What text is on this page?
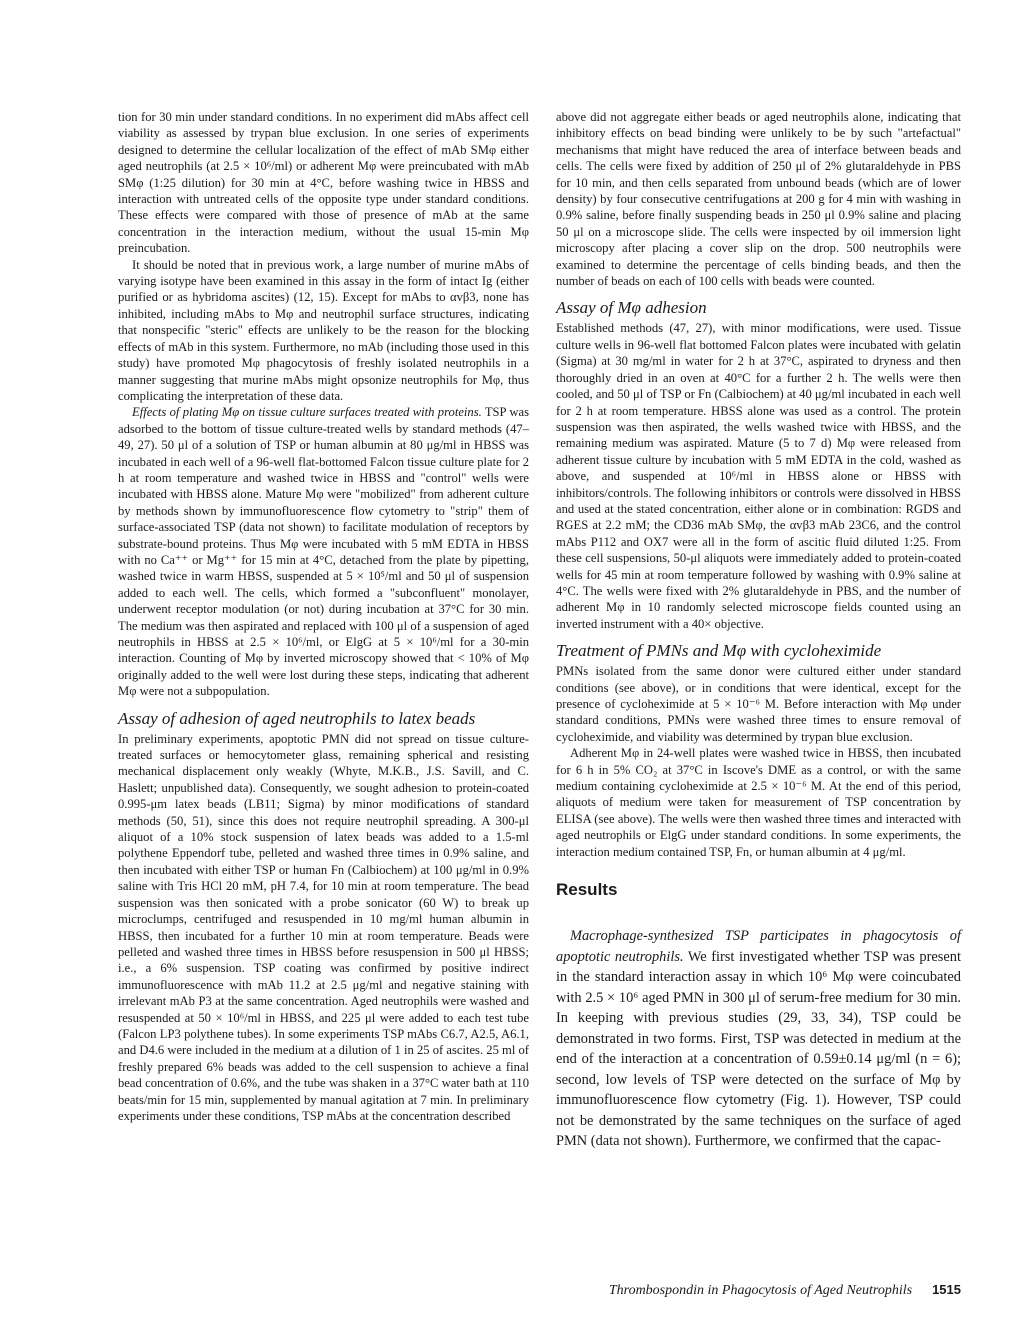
tion for 30 min under standard conditions. In no experiment did mAbs affect cell viability as assessed by trypan blue exclusion. In one series of experiments designed to determine the cellular localization of the effect of mAb SMφ either aged neutrophils (at 2.5 × 10⁶/ml) or adherent Mφ were preincubated with mAb SMφ (1:25 dilution) for 30 min at 4°C, before washing twice in HBSS and interaction with untreated cells of the opposite type under standard conditions. These effects were compared with those of presence of mAb at the same concentration in the interaction medium, without the usual 15-min Mφ preincubation.

It should be noted that in previous work, a large number of murine mAbs of varying isotype have been examined in this assay in the form of intact Ig (either purified or as hybridoma ascites) (12, 15). Except for mAbs to αvβ3, none has inhibited, including mAbs to Mφ and neutrophil surface structures, indicating that nonspecific "steric" effects are unlikely to be the reason for the blocking effects of mAb in this system. Furthermore, no mAb (including those used in this study) have promoted Mφ phagocytosis of freshly isolated neutrophils in a manner suggesting that murine mAbs might opsonize neutrophils for Mφ, thus complicating the interpretation of these data.

Effects of plating Mφ on tissue culture surfaces treated with proteins. TSP was adsorbed to the bottom of tissue culture-treated wells by standard methods (47–49, 27). 50 μl of a solution of TSP or human albumin at 80 μg/ml in HBSS was incubated in each well of a 96-well flat-bottomed Falcon tissue culture plate for 2 h at room temperature and washed twice in HBSS and "control" wells were incubated with HBSS alone. Mature Mφ were "mobilized" from adherent culture by methods shown by immunofluorescence flow cytometry to "strip" them of surface-associated TSP (data not shown) to facilitate modulation of receptors by substrate-bound proteins. Thus Mφ were incubated with 5 mM EDTA in HBSS with no Ca⁺⁺ or Mg⁺⁺ for 15 min at 4°C, detached from the plate by pipetting, washed twice in warm HBSS, suspended at 5 × 10⁵/ml and 50 μl of suspension added to each well. The cells, which formed a "subconfluent" monolayer, underwent receptor modulation (or not) during incubation at 37°C for 30 min. The medium was then aspirated and replaced with 100 μl of a suspension of aged neutrophils in HBSS at 2.5 × 10⁶/ml, or ElgG at 5 × 10⁶/ml for a 30-min interaction. Counting of Mφ by inverted microscopy showed that < 10% of Mφ originally added to the well were lost during these steps, indicating that adherent Mφ were not a subpopulation.

Assay of adhesion of aged neutrophils to latex beads

In preliminary experiments, apoptotic PMN did not spread on tissue culture-treated surfaces or hemocytometer glass, remaining spherical and resisting mechanical displacement only weakly (Whyte, M.K.B., J.S. Savill, and C. Haslett; unpublished data). Consequently, we sought adhesion to protein-coated 0.995-μm latex beads (LB11; Sigma) by minor modifications of standard methods (50, 51), since this does not require neutrophil spreading. A 300-μl aliquot of a 10% stock suspension of latex beads was added to a 1.5-ml polythene Eppendorf tube, pelleted and washed three times in 0.9% saline, and then incubated with either TSP or human Fn (Calbiochem) at 100 μg/ml in 0.9% saline with Tris HCl 20 mM, pH 7.4, for 10 min at room temperature. The bead suspension was then sonicated with a probe sonicator (60 W) to break up microclumps, centrifuged and resuspended in 10 mg/ml human albumin in HBSS, then incubated for a further 10 min at room temperature. Beads were pelleted and washed three times in HBSS before resuspension in 500 μl HBSS; i.e., a 6% suspension. TSP coating was confirmed by positive indirect immunofluorescence with mAb 11.2 at 2.5 μg/ml and negative staining with irrelevant mAb P3 at the same concentration. Aged neutrophils were washed and resuspended at 50 × 10⁶/ml in HBSS, and 225 μl were added to each test tube (Falcon LP3 polythene tubes). In some experiments TSP mAbs C6.7, A2.5, A6.1, and D4.6 were included in the medium at a dilution of 1 in 25 of ascites. 25 ml of freshly prepared 6% beads was added to the cell suspension to achieve a final bead concentration of 0.6%, and the tube was shaken in a 37°C water bath at 110 beats/min for 15 min, supplemented by manual agitation at 7 min. In preliminary experiments under these conditions, TSP mAbs at the concentration described

above did not aggregate either beads or aged neutrophils alone, indicating that inhibitory effects on bead binding were unlikely to be by such "artefactual" mechanisms that might have reduced the area of interface between beads and cells. The cells were fixed by addition of 250 μl of 2% glutaraldehyde in PBS for 10 min, and then cells separated from unbound beads (which are of lower density) by four consecutive centrifugations at 200 g for 4 min with washing in 0.9% saline, before finally suspending beads in 250 μl 0.9% saline and placing 50 μl on a microscope slide. The cells were inspected by oil immersion light microscopy after placing a cover slip on the drop. 500 neutrophils were examined to determine the percentage of cells binding beads, and then the number of beads on each of 100 cells with beads were counted.

Assay of Mφ adhesion

Established methods (47, 27), with minor modifications, were used. Tissue culture wells in 96-well flat bottomed Falcon plates were incubated with gelatin (Sigma) at 30 mg/ml in water for 2 h at 37°C, aspirated to dryness and then thoroughly dried in an oven at 40°C for a further 2 h. The wells were then cooled, and 50 μl of TSP or Fn (Calbiochem) at 40 μg/ml incubated in each well for 2 h at room temperature. HBSS alone was used as a control. The protein suspension was then aspirated, the wells washed twice with HBSS, and the remaining medium was aspirated. Mature (5 to 7 d) Mφ were released from adherent tissue culture by incubation with 5 mM EDTA in the cold, washed as above, and suspended at 10⁶/ml in HBSS alone or HBSS with inhibitors/controls. The following inhibitors or controls were dissolved in HBSS and used at the stated concentration, either alone or in combination: RGDS and RGES at 2.2 mM; the CD36 mAb SMφ, the αvβ3 mAb 23C6, and the control mAbs P112 and OX7 were all in the form of ascitic fluid diluted 1:25. From these cell suspensions, 50-μl aliquots were immediately added to protein-coated wells for 45 min at room temperature followed by washing with 0.9% saline at 4°C. The wells were fixed with 2% glutaraldehyde in PBS, and the number of adherent Mφ in 10 randomly selected microscope fields counted using an inverted instrument with a 40× objective.

Treatment of PMNs and Mφ with cycloheximide

PMNs isolated from the same donor were cultured either under standard conditions (see above), or in conditions that were identical, except for the presence of cycloheximide at 5 × 10⁻⁶ M. Before interaction with Mφ under standard conditions, PMNs were washed three times to ensure removal of cycloheximide, and viability was determined by trypan blue exclusion.

Adherent Mφ in 24-well plates were washed twice in HBSS, then incubated for 6 h in 5% CO₂ at 37°C in Iscove's DME as a control, or with the same medium containing cycloheximide at 2.5 × 10⁻⁶ M. At the end of this period, aliquots of medium were taken for measurement of TSP concentration by ELISA (see above). The wells were then washed three times and interacted with aged neutrophils or ElgG under standard conditions. In some experiments, the interaction medium contained TSP, Fn, or human albumin at 4 μg/ml.

Results

Macrophage-synthesized TSP participates in phagocytosis of apoptotic neutrophils. We first investigated whether TSP was present in the standard interaction assay in which 10⁶ Mφ were coincubated with 2.5 × 10⁶ aged PMN in 300 μl of serum-free medium for 30 min. In keeping with previous studies (29, 33, 34), TSP could be demonstrated in two forms. First, TSP was detected in medium at the end of the interaction at a concentration of 0.59±0.14 μg/ml (n = 6); second, low levels of TSP were detected on the surface of Mφ by immunofluorescence flow cytometry (Fig. 1). However, TSP could not be demonstrated by the same techniques on the surface of aged PMN (data not shown). Furthermore, we confirmed that the capac-

Thrombospondin in Phagocytosis of Aged Neutrophils 1515
